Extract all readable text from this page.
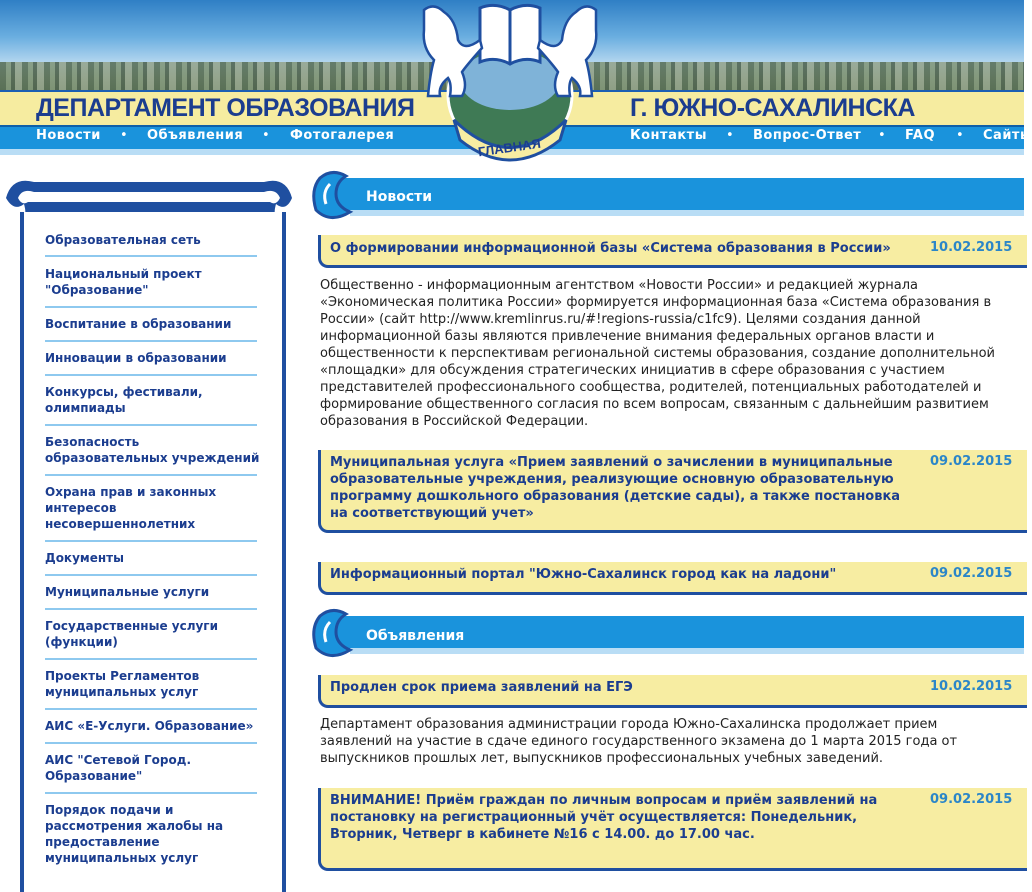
ДЕПАРТАМЕНТ ОБРАЗОВАНИЯ	Г. ЮЖНО-САХАЛИНСКА
Новости • Объявления • Фотогалерея	Контакты • Вопрос-Ответ • FAQ • Сайты
ГЛАВНАЯ
Образовательная сеть
Национальный проект "Образование"
Воспитание в образовании
Инновации в образовании
Конкурсы, фестивали, олимпиады
Безопасность образовательных учреждений
Охрана прав и законных интересов несовершеннолетних
Документы
Муниципальные услуги
Государственные услуги (функции)
Проекты Регламентов муниципальных услуг
АИС «Е-Услуги. Образование»
АИС "Сетевой Город. Образование"
Порядок подачи и рассмотрения жалобы на предоставление муниципальных услуг
Новости
О формировании информационной базы «Система образования в России»	10.02.2015
Общественно - информационным агентством «Новости России» и редакцией журнала «Экономическая политика России» формируется информационная база «Система образования в России» (сайт http://www.kremlinrus.ru/#!regions-russia/c1fc9). Целями создания данной информационной базы являются привлечение внимания федеральных органов власти и общественности к перспективам региональной системы образования, создание дополнительной «площадки» для обсуждения стратегических инициатив в сфере образования с участием представителей профессионального сообщества, родителей, потенциальных работодателей и формирование общественного согласия по всем вопросам, связанным с дальнейшим развитием образования в Российской Федерации.
Муниципальная услуга «Прием заявлений о зачислении в муниципальные образовательные учреждения, реализующие основную образовательную программу дошкольного образования (детские сады), а также постановка на соответствующий учет»
09.02.2015
Информационный портал "Южно-Сахалинск город как на ладони"	09.02.2015
Объявления
Продлен срок приема заявлений на ЕГЭ	10.02.2015
Департамент образования администрации города Южно-Сахалинска продолжает прием заявлений на участие в сдаче единого государственного экзамена до 1 марта 2015 года от выпускников прошлых лет, выпускников профессиональных учебных заведений.
ВНИМАНИЕ! Приём граждан по личным вопросам и приём заявлений на постановку на регистрационный учёт осуществляется: Понедельник, Вторник, Четверг в кабинете №16 с 14.00. до 17.00 час.
09.02.2015
